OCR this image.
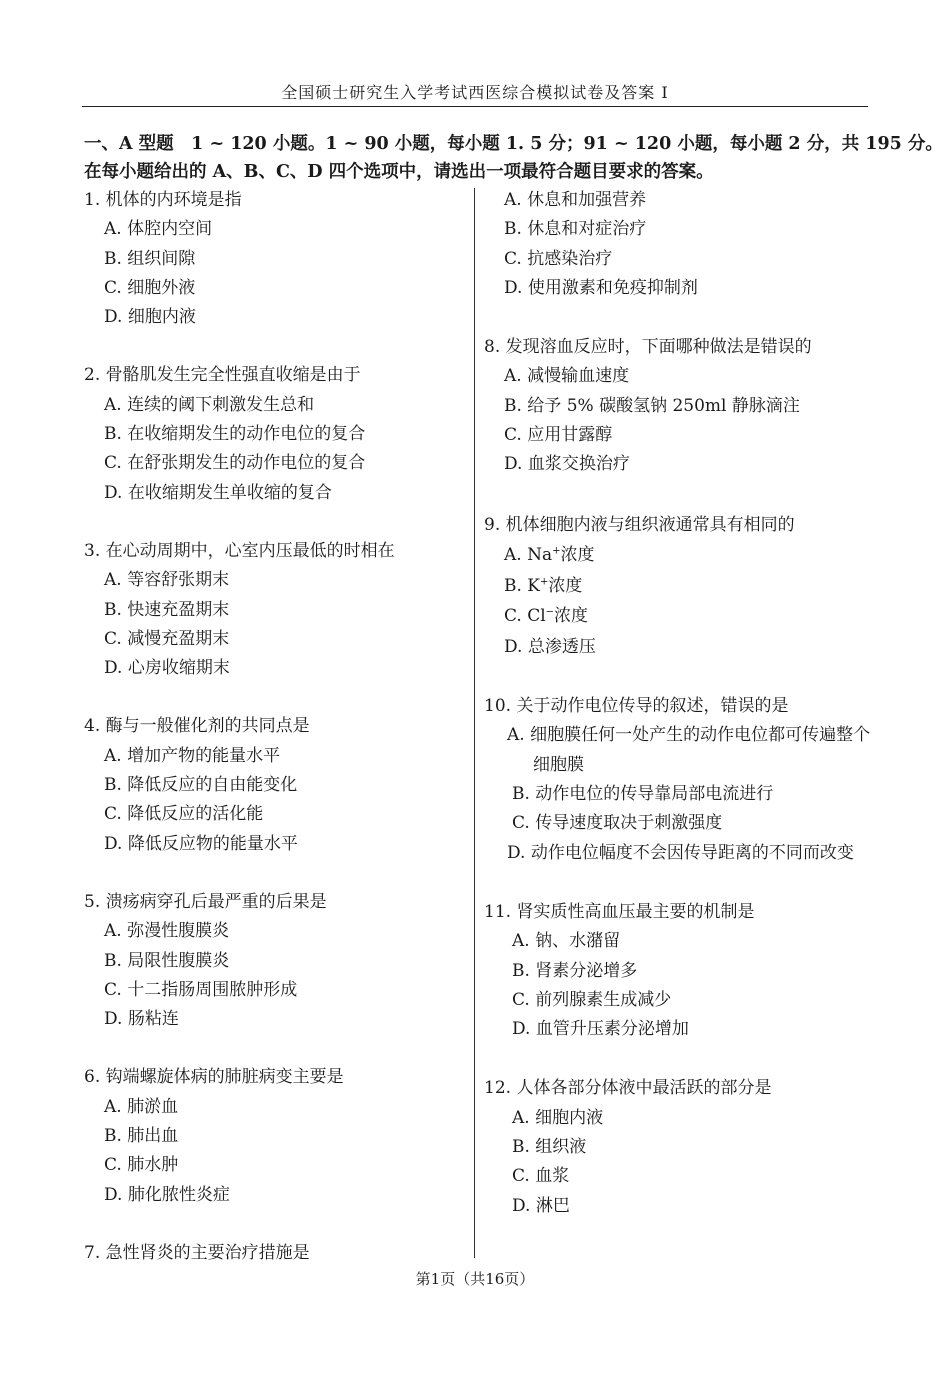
全国硕士研究生入学考试西医综合模拟试卷及答案 I
一、A 型题　1 ~ 120 小题。1 ~ 90 小题，每小题 1. 5 分；91 ~ 120 小题，每小题 2 分，共 195 分。
在每小题给出的 A、B、C、D 四个选项中，请选出一项最符合题目要求的答案。
1. 机体的内环境是指
A. 体腔内空间
B. 组织间隙
C. 细胞外液
D. 细胞内液
2. 骨骼肌发生完全性强直收缩是由于
A. 连续的阈下刺激发生总和
B. 在收缩期发生的动作电位的复合
C. 在舒张期发生的动作电位的复合
D. 在收缩期发生单收缩的复合
3. 在心动周期中，心室内压最低的时相在
A. 等容舒张期末
B. 快速充盈期末
C. 减慢充盈期末
D. 心房收缩期末
4. 酶与一般催化剂的共同点是
A. 增加产物的能量水平
B. 降低反应的自由能变化
C. 降低反应的活化能
D. 降低反应物的能量水平
5. 溃疡病穿孔后最严重的后果是
A. 弥漫性腹膜炎
B. 局限性腹膜炎
C. 十二指肠周围脓肿形成
D. 肠粘连
6. 钩端螺旋体病的肺脏病变主要是
A. 肺淤血
B. 肺出血
C. 肺水肿
D. 肺化脓性炎症
7. 急性肾炎的主要治疗措施是
A. 休息和加强营养
B. 休息和对症治疗
C. 抗感染治疗
D. 使用激素和免疫抑制剂
8. 发现溶血反应时，下面哪种做法是错误的
A. 减慢输血速度
B. 给予 5% 碳酸氢钠 250ml 静脉滴注
C. 应用甘露醇
D. 血浆交换治疗
9. 机体细胞内液与组织液通常具有相同的
A. Na+浓度
B. K+浓度
C. Cl−浓度
D. 总渗透压
10. 关于动作电位传导的叙述，错误的是
A. 细胞膜任何一处产生的动作电位都可传遍整个细胞膜
B. 动作电位的传导靠局部电流进行
C. 传导速度取决于刺激强度
D. 动作电位幅度不会因传导距离的不同而改变
11. 肾实质性高血压最主要的机制是
A. 钠、水潴留
B. 肾素分泌增多
C. 前列腺素生成减少
D. 血管升压素分泌增加
12. 人体各部分体液中最活跃的部分是
A. 细胞内液
B. 组织液
C. 血浆
D. 淋巴
第1页（共16页）
